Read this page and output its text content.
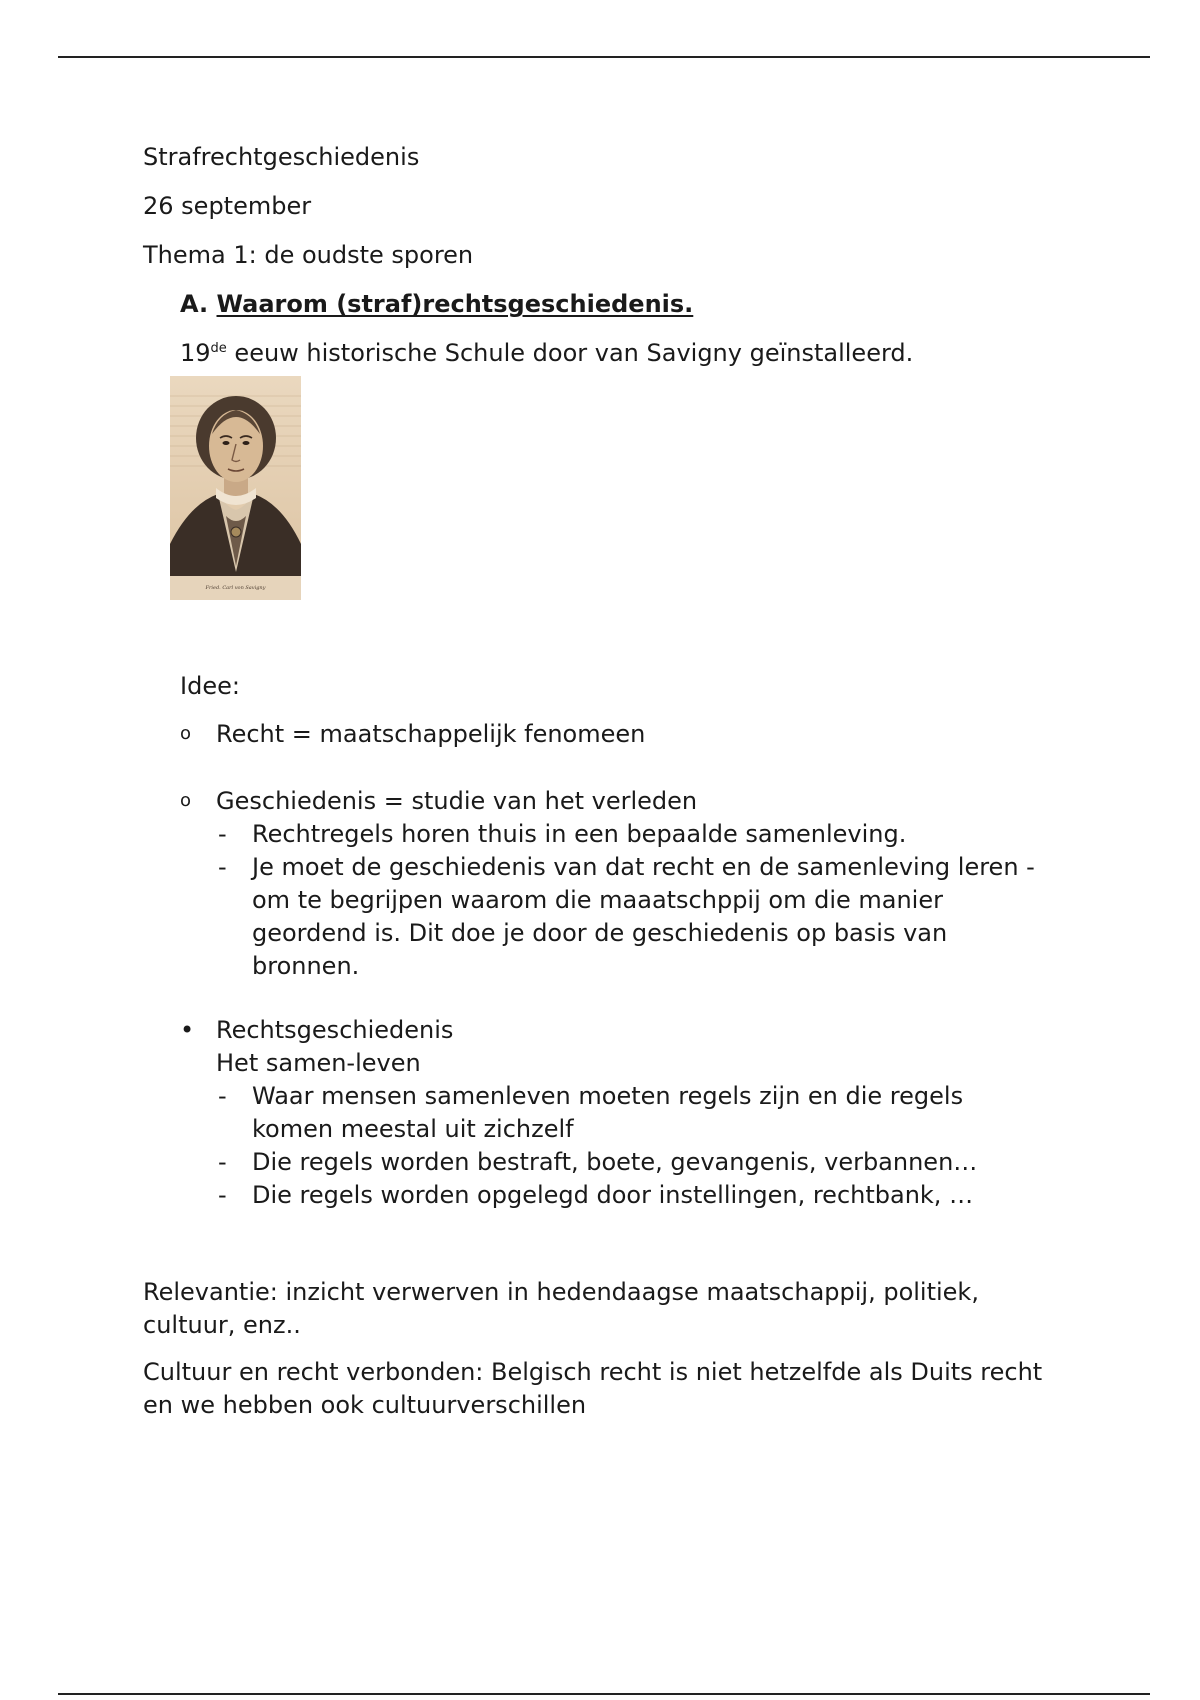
Strafrechtgeschiedenis
26 september
Thema 1: de oudste sporen
A. Waarom (straf)rechtsgeschiedenis.
19de eeuw historische Schule door van Savigny geïnstalleerd.
Fried. Carl von Savigny
Idee:
o Recht = maatschappelijk fenomeen
o Geschiedenis = studie van het verleden
- Rechtregels horen thuis in een bepaalde samenleving.
- Je moet de geschiedenis van dat recht en de samenleving leren -
om te begrijpen waarom die maaatschppij om die manier
geordend is. Dit doe je door de geschiedenis op basis van
bronnen.
• Rechtsgeschiedenis
Het samen-leven
- Waar mensen samenleven moeten regels zijn en die regels
komen meestal uit zichzelf
- Die regels worden bestraft, boete, gevangenis, verbannen…
- Die regels worden opgelegd door instellingen, rechtbank, …
Relevantie: inzicht verwerven in hedendaagse maatschappij, politiek,
cultuur, enz..
Cultuur en recht verbonden: Belgisch recht is niet hetzelfde als Duits recht
en we hebben ook cultuurverschillen
